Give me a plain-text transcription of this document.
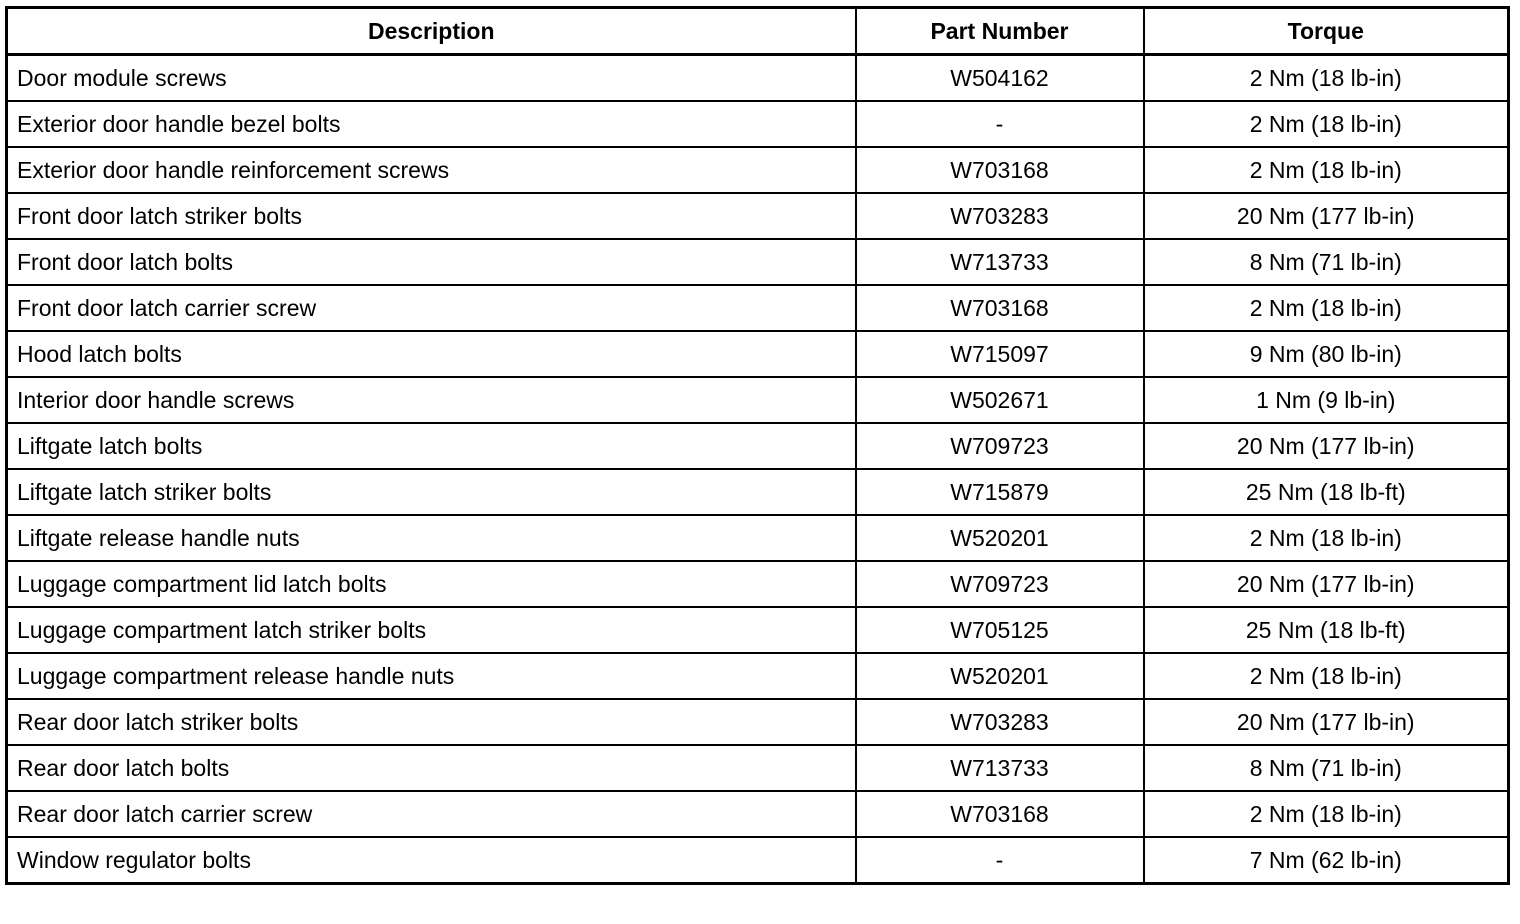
Description	Part Number	Torque
Door module screws	W504162	2 Nm (18 lb-in)
Exterior door handle bezel bolts	-	2 Nm (18 lb-in)
Exterior door handle reinforcement screws	W703168	2 Nm (18 lb-in)
Front door latch striker bolts	W703283	20 Nm (177 lb-in)
Front door latch bolts	W713733	8 Nm (71 lb-in)
Front door latch carrier screw	W703168	2 Nm (18 lb-in)
Hood latch bolts	W715097	9 Nm (80 lb-in)
Interior door handle screws	W502671	1 Nm (9 lb-in)
Liftgate latch bolts	W709723	20 Nm (177 lb-in)
Liftgate latch striker bolts	W715879	25 Nm (18 lb-ft)
Liftgate release handle nuts	W520201	2 Nm (18 lb-in)
Luggage compartment lid latch bolts	W709723	20 Nm (177 lb-in)
Luggage compartment latch striker bolts	W705125	25 Nm (18 lb-ft)
Luggage compartment release handle nuts	W520201	2 Nm (18 lb-in)
Rear door latch striker bolts	W703283	20 Nm (177 lb-in)
Rear door latch bolts	W713733	8 Nm (71 lb-in)
Rear door latch carrier screw	W703168	2 Nm (18 lb-in)
Window regulator bolts	-	7 Nm (62 lb-in)
